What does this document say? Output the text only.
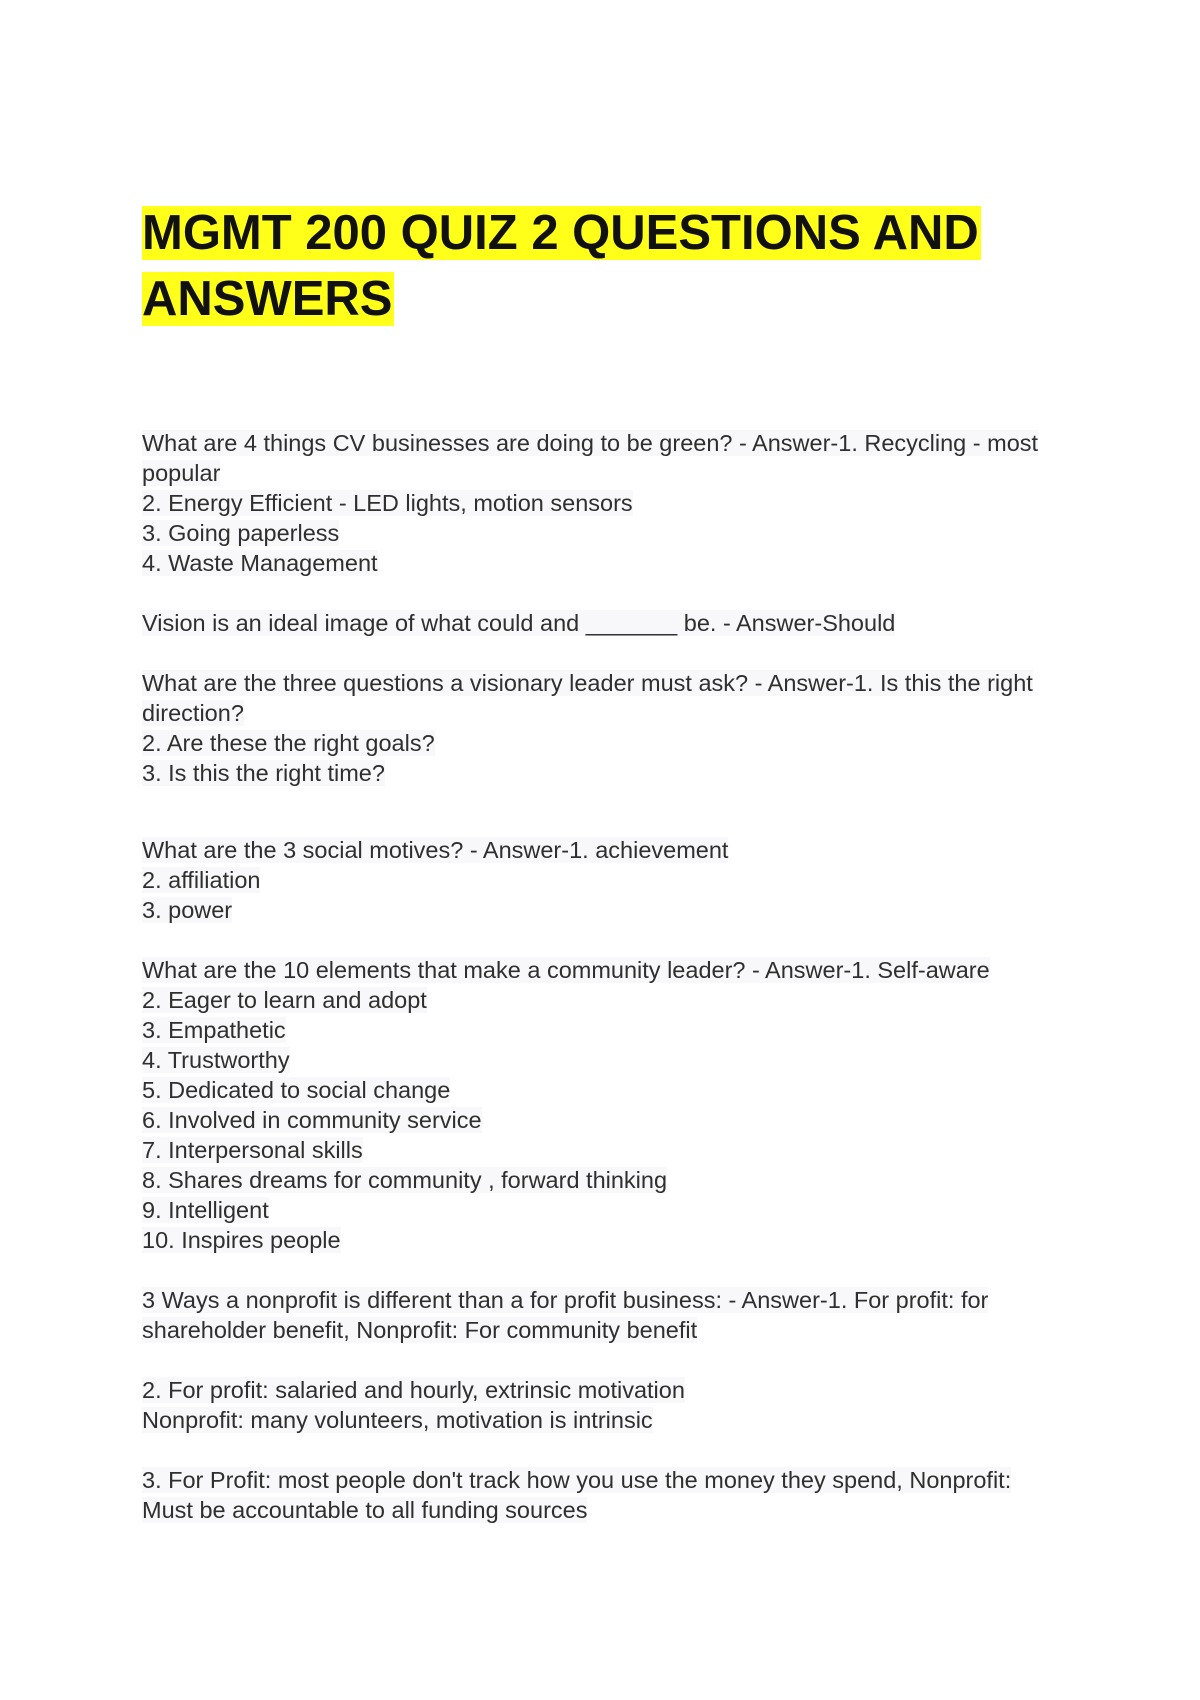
MGMT 200 QUIZ 2 QUESTIONS AND ANSWERS
What are 4 things CV businesses are doing to be green? - Answer-1. Recycling - most
popular
2. Energy Efficient - LED lights, motion sensors
3. Going paperless
4. Waste Management
Vision is an ideal image of what could and _______ be. - Answer-Should
What are the three questions a visionary leader must ask? - Answer-1. Is this the right
direction?
2. Are these the right goals?
3. Is this the right time?
What are the 3 social motives? - Answer-1. achievement
2. affiliation
3. power
What are the 10 elements that make a community leader? - Answer-1. Self-aware
2. Eager to learn and adopt
3. Empathetic
4. Trustworthy
5. Dedicated to social change
6. Involved in community service
7. Interpersonal skills
8. Shares dreams for community , forward thinking
9. Intelligent
10. Inspires people
3 Ways a nonprofit is different than a for profit business: - Answer-1. For profit: for
shareholder benefit, Nonprofit: For community benefit
2. For profit: salaried and hourly, extrinsic motivation
Nonprofit: many volunteers, motivation is intrinsic
3. For Profit: most people don't track how you use the money they spend, Nonprofit:
Must be accountable to all funding sources
